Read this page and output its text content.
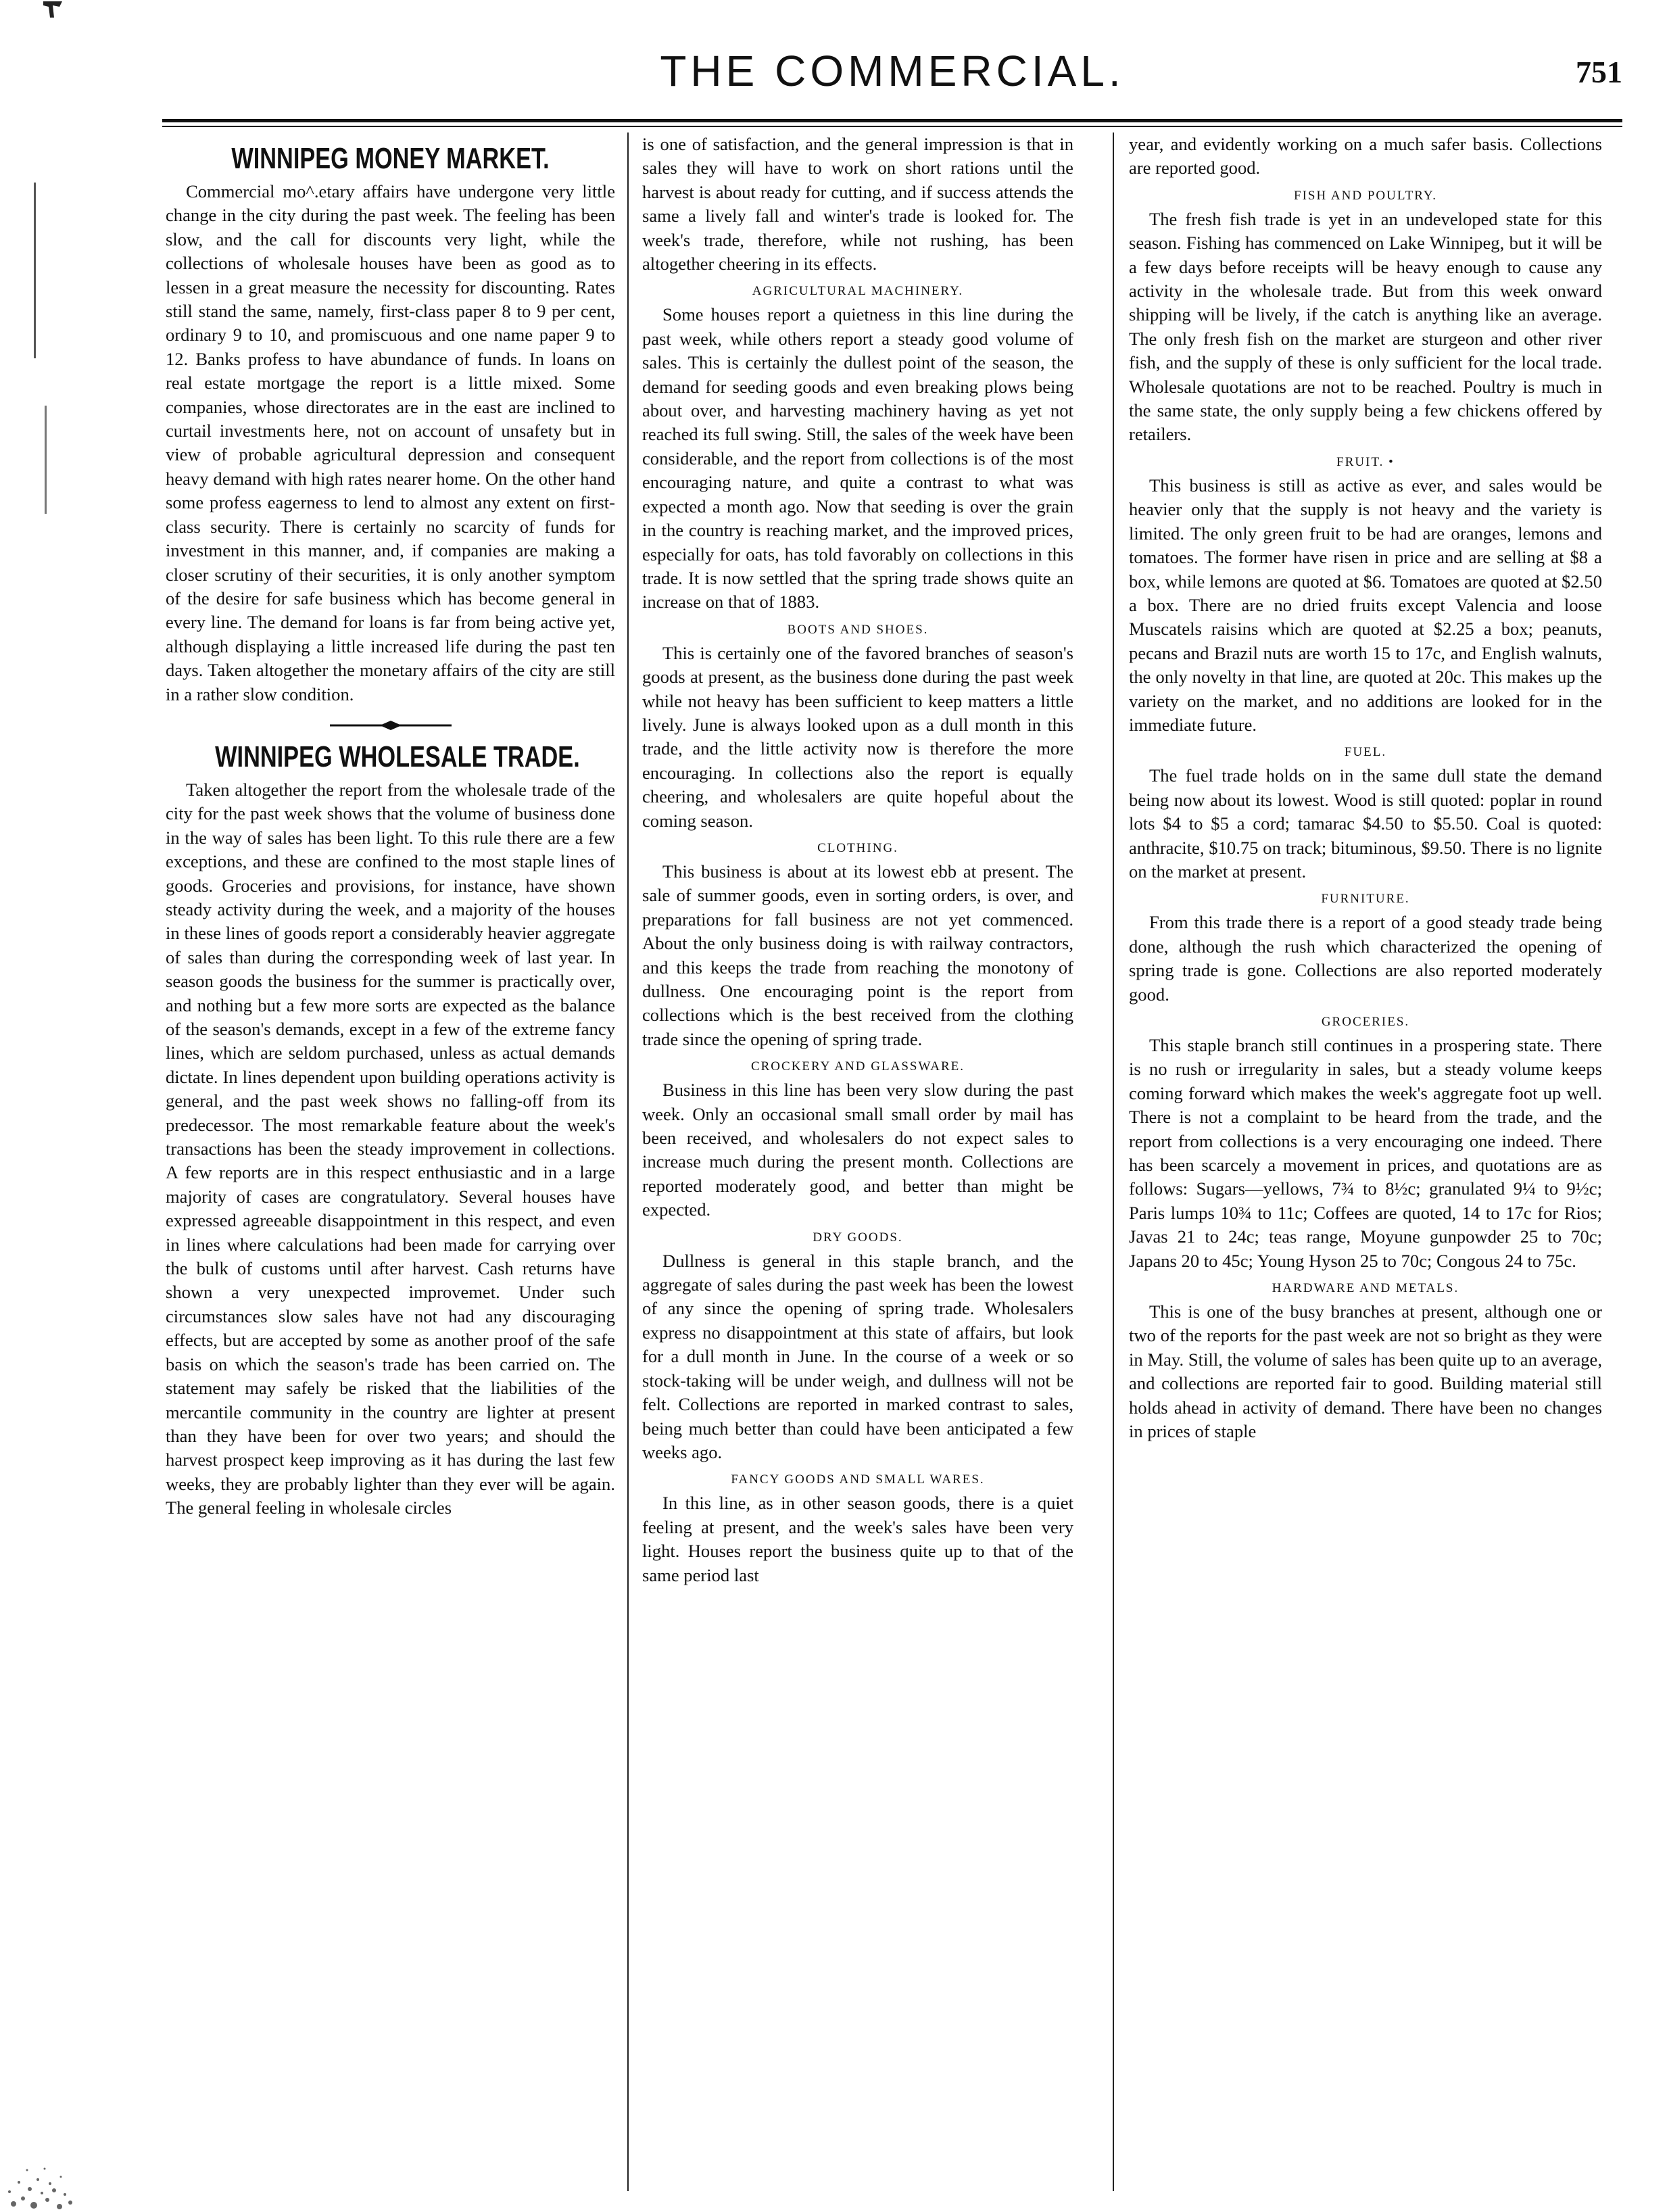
THE COMMERCIAL.	751
WINNIPEG MONEY MARKET.

Commercial mo^.etary affairs have undergone very little change in the city during the past week. The feeling has been slow, and the call for discounts very light, while the collections of wholesale houses have been as good as to lessen in a great measure the necessity for discounting. Rates still stand the same, namely, first-class paper 8 to 9 per cent, ordinary 9 to 10, and promiscuous and one name paper 9 to 12. Banks profess to have abundance of funds. In loans on real estate mortgage the report is a little mixed. Some companies, whose directorates are in the east are inclined to curtail investments here, not on account of unsafety but in view of probable agricultural depression and consequent heavy demand with high rates nearer home. On the other hand some profess eagerness to lend to almost any extent on first-class security. There is certainly no scarcity of funds for investment in this manner, and, if companies are making a closer scrutiny of their securities, it is only another symptom of the desire for safe business which has become general in every line. The demand for loans is far from being active yet, although displaying a little increased life during the past ten days. Taken altogether the monetary affairs of the city are still in a rather slow condition.

WINNIPEG WHOLESALE TRADE.

Taken altogether the report from the wholesale trade of the city for the past week shows that the volume of business done in the way of sales has been light. To this rule there are a few exceptions, and these are confined to the most staple lines of goods. Groceries and provisions, for instance, have shown steady activity during the week, and a majority of the houses in these lines of goods report a considerably heavier aggregate of sales than during the corresponding week of last year. In season goods the business for the summer is practically over, and nothing but a few more sorts are expected as the balance of the season's demands, except in a few of the extreme fancy lines, which are seldom purchased, unless as actual demands dictate. In lines dependent upon building operations activity is general, and the past week shows no falling-off from its predecessor. The most remarkable feature about the week's transactions has been the steady improvement in collections. A few reports are in this respect enthusiastic and in a large majority of cases are congratulatory. Several houses have expressed agreeable disappointment in this respect, and even in lines where calculations had been made for carrying over the bulk of customs until after harvest. Cash returns have shown a very unexpected improvemet. Under such circumstances slow sales have not had any discouraging effects, but are accepted by some as another proof of the safe basis on which the season's trade has been carried on. The statement may safely be risked that the liabilities of the mercantile community in the country are lighter at present than they have been for over two years; and should the harvest prospect keep improving as it has during the last few weeks, they are probably lighter than they ever will be again. The general feeling in wholesale circles

is one of satisfaction, and the general impression is that in sales they will have to work on short rations until the harvest is about ready for cutting, and if success attends the same a lively fall and winter's trade is looked for. The week's trade, therefore, while not rushing, has been altogether cheering in its effects.

AGRICULTURAL MACHINERY.

Some houses report a quietness in this line during the past week, while others report a steady good volume of sales. This is certainly the dullest point of the season, the demand for seeding goods and even breaking plows being about over, and harvesting machinery having as yet not reached its full swing. Still, the sales of the week have been considerable, and the report from collections is of the most encouraging nature, and quite a contrast to what was expected a month ago. Now that seeding is over the grain in the country is reaching market, and the improved prices, especially for oats, has told favorably on collections in this trade. It is now settled that the spring trade shows quite an increase on that of 1883.

BOOTS AND SHOES.

This is certainly one of the favored branches of season's goods at present, as the business done during the past week while not heavy has been sufficient to keep matters a little lively. June is always looked upon as a dull month in this trade, and the little activity now is therefore the more encouraging. In collections also the report is equally cheering, and wholesalers are quite hopeful about the coming season.

CLOTHING.

This business is about at its lowest ebb at present. The sale of summer goods, even in sorting orders, is over, and preparations for fall business are not yet commenced. About the only business doing is with railway contractors, and this keeps the trade from reaching the monotony of dullness. One encouraging point is the report from collections which is the best received from the clothing trade since the opening of spring trade.

CROCKERY AND GLASSWARE.

Business in this line has been very slow during the past week. Only an occasional small small order by mail has been received, and wholesalers do not expect sales to increase much during the present month. Collections are reported moderately good, and better than might be expected.

DRY GOODS.

Dullness is general in this staple branch, and the aggregate of sales during the past week has been the lowest of any since the opening of spring trade. Wholesalers express no disappointment at this state of affairs, but look for a dull month in June. In the course of a week or so stock-taking will be under weigh, and dullness will not be felt. Collections are reported in marked contrast to sales, being much better than could have been anticipated a few weeks ago.

FANCY GOODS AND SMALL WARES.

In this line, as in other season goods, there is a quiet feeling at present, and the week's sales have been very light. Houses report the business quite up to that of the same period last

year, and evidently working on a much safer basis. Collections are reported good.

FISH AND POULTRY.

The fresh fish trade is yet in an undeveloped state for this season. Fishing has commenced on Lake Winnipeg, but it will be a few days before receipts will be heavy enough to cause any activity in the wholesale trade. But from this week onward shipping will be lively, if the catch is anything like an average. The only fresh fish on the market are sturgeon and other river fish, and the supply of these is only sufficient for the local trade. Wholesale quotations are not to be reached. Poultry is much in the same state, the only supply being a few chickens offered by retailers.

FRUIT. •

This business is still as active as ever, and sales would be heavier only that the supply is not heavy and the variety is limited. The only green fruit to be had are oranges, lemons and tomatoes. The former have risen in price and are selling at $8 a box, while lemons are quoted at $6. Tomatoes are quoted at $2.50 a box. There are no dried fruits except Valencia and loose Muscatels raisins which are quoted at $2.25 a box; peanuts, pecans and Brazil nuts are worth 15 to 17c, and English walnuts, the only novelty in that line, are quoted at 20c. This makes up the variety on the market, and no additions are looked for in the immediate future.

FUEL.

The fuel trade holds on in the same dull state the demand being now about its lowest. Wood is still quoted: poplar in round lots $4 to $5 a cord; tamarac $4.50 to $5.50. Coal is quoted: anthracite, $10.75 on track; bituminous, $9.50. There is no lignite on the market at present.

FURNITURE.

From this trade there is a report of a good steady trade being done, although the rush which characterized the opening of spring trade is gone. Collections are also reported moderately good.

GROCERIES.

This staple branch still continues in a prospering state. There is no rush or irregularity in sales, but a steady volume keeps coming forward which makes the week's aggregate foot up well. There is not a complaint to be heard from the trade, and the report from collections is a very encouraging one indeed. There has been scarcely a movement in prices, and quotations are as follows: Sugars—yellows, 7¾ to 8½c; granulated 9¼ to 9½c; Paris lumps 10¾ to 11c; Coffees are quoted, 14 to 17c for Rios; Javas 21 to 24c; teas range, Moyune gunpowder 25 to 70c; Japans 20 to 45c; Young Hyson 25 to 70c; Congous 24 to 75c.

HARDWARE AND METALS.

This is one of the busy branches at present, although one or two of the reports for the past week are not so bright as they were in May. Still, the volume of sales has been quite up to an average, and collections are reported fair to good. Building material still holds ahead in activity of demand. There have been no changes in prices of staple
